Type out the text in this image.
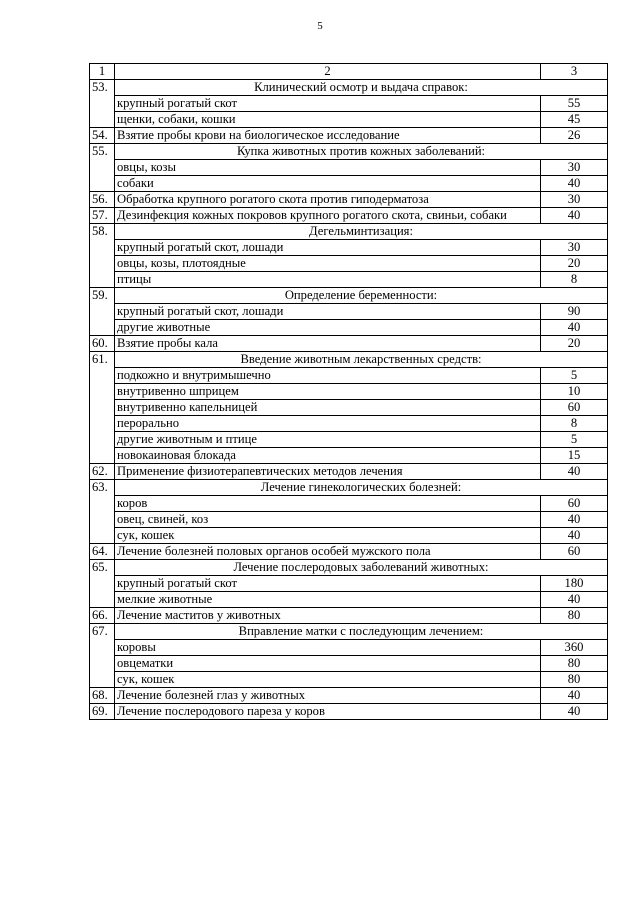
5
1	2	3
53.	Клинический осмотр и выдача справок:	
	крупный рогатый скот	55
	щенки, собаки, кошки	45
54.	Взятие пробы крови на биологическое исследование	26
55.	Купка животных против кожных заболеваний:	
	овцы, козы	30
	собаки	40
56.	Обработка крупного рогатого скота против гиподерматоза	30
57.	Дезинфекция кожных покровов крупного рогатого скота, свиньи, собаки	40
58.	Дегельминтизация:	
	крупный рогатый скот, лошади	30
	овцы, козы, плотоядные	20
	птицы	8
59.	Определение беременности:	
	крупный рогатый скот, лошади	90
	другие животные	40
60.	Взятие пробы кала	20
61.	Введение животным лекарственных средств:	
	подкожно и внутримышечно	5
	внутривенно шприцем	10
	внутривенно капельницей	60
	перорально	8
	другие животным и птице	5
	новокаиновая блокада	15
62.	Применение физиотерапевтических методов лечения	40
63.	Лечение гинекологических болезней:	
	коров	60
	овец, свиней, коз	40
	сук, кошек	40
64.	Лечение болезней половых органов особей мужского пола	60
65.	Лечение послеродовых заболеваний животных:	
	крупный рогатый скот	180
	мелкие животные	40
66.	Лечение маститов у животных	80
67.	Вправление матки с последующим лечением:	
	коровы	360
	овцематки	80
	сук, кошек	80
68.	Лечение болезней глаз у животных	40
69.	Лечение послеродового пареза у коров	40
